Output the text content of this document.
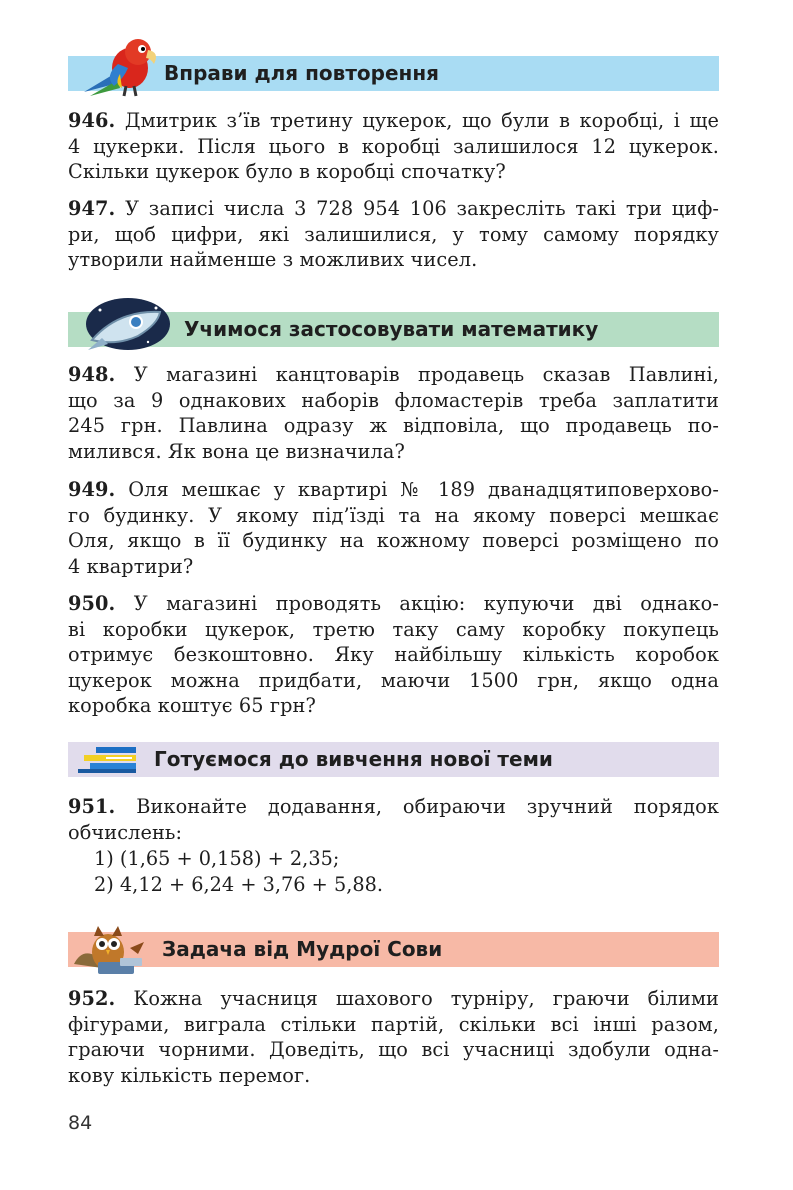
Вправи для повторення
946. Дмитрик з’їв третину цукерок, що були в коробці, і ще
4 цукерки. Після цього в коробці залишилося 12 цукерок.
Скільки цукерок було в коробці спочатку?
947. У записі числа 3 728 954 106 закресліть такі три циф-
ри, щоб цифри, які залишилися, у тому самому порядку
утворили найменше з можливих чисел.
Учимося застосовувати математику
948. У магазині канцтоварів продавець сказав Павлині,
що за 9 однакових наборів фломастерів треба заплатити
245 грн. Павлина одразу ж відповіла, що продавець по-
милився. Як вона це визначила?
949. Оля мешкає у квартирі № 189 дванадцятиповерхово-
го будинку. У якому під’їзді та на якому поверсі мешкає
Оля, якщо в її будинку на кожному поверсі розміщено по
4 квартири?
950. У магазині проводять акцію: купуючи дві однако-
ві коробки цукерок, третю таку саму коробку покупець
отримує безкоштовно. Яку найбільшу кількість коробок
цукерок можна придбати, маючи 1500 грн, якщо одна
коробка коштує 65 грн?
Готуємося до вивчення нової теми
951. Виконайте додавання, обираючи зручний порядок
обчислень:
1) (1,65 + 0,158) + 2,35;
2) 4,12 + 6,24 + 3,76 + 5,88.
Задача від Мудрої Сови
952. Кожна учасниця шахового турніру, граючи білими
фігурами, виграла стільки партій, скільки всі інші разом,
граючи чорними. Доведіть, що всі учасниці здобули одна-
кову кількість перемог.
84
